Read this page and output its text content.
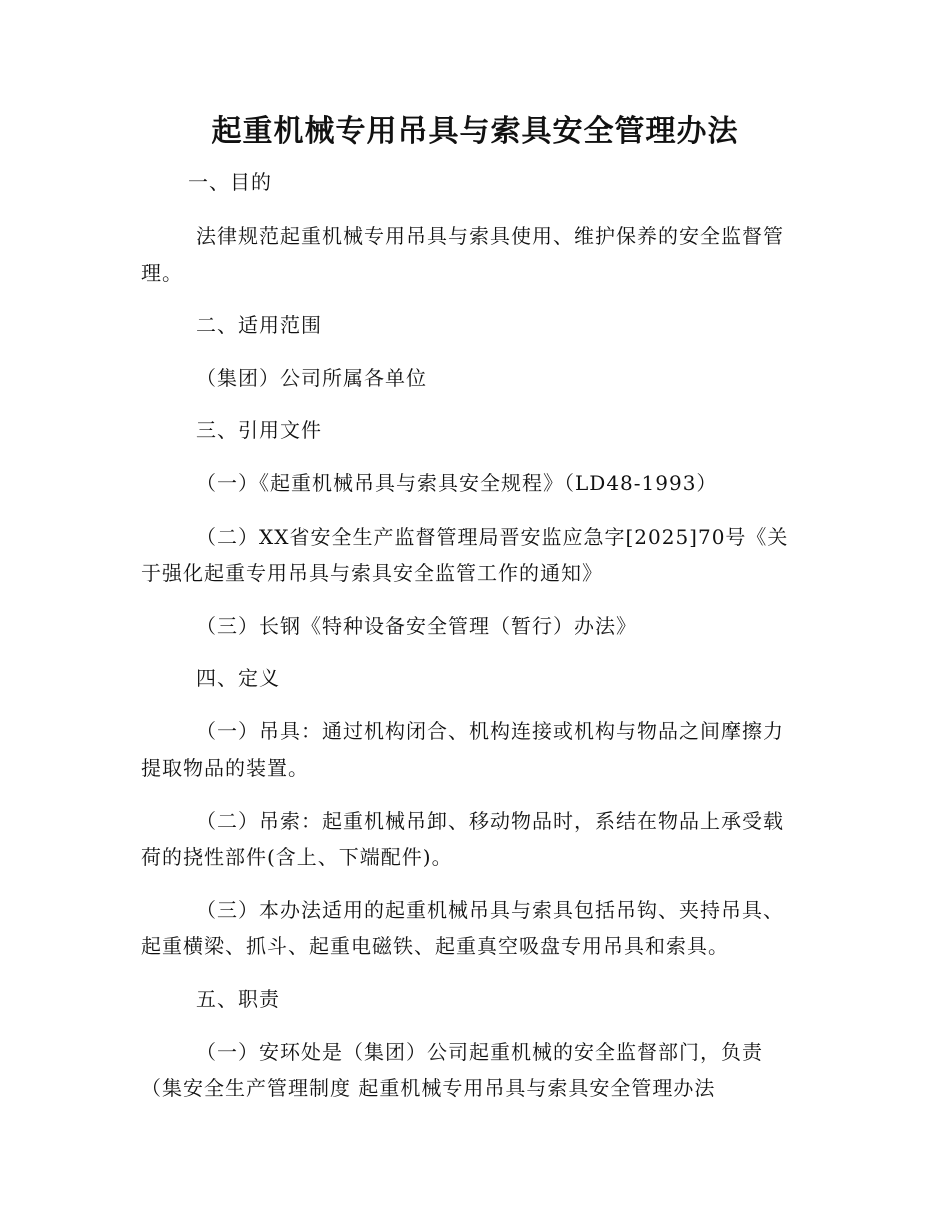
起重机械专用吊具与索具安全管理办法
一、目的
法律规范起重机械专用吊具与索具使用、维护保养的安全监督管
理。
二、适用范围
（集团）公司所属各单位
三、引用文件
（一）《起重机械吊具与索具安全规程》（LD48-1993）
（二）XX省安全生产监督管理局晋安监应急字[2025]70号《关
于强化起重专用吊具与索具安全监管工作的通知》
（三）长钢《特种设备安全管理（暂行）办法》
四、定义
（一）吊具：通过机构闭合、机构连接或机构与物品之间摩擦力
提取物品的装置。
（二）吊索：起重机械吊卸、移动物品时，系结在物品上承受载
荷的挠性部件(含上、下端配件)。
（三）本办法适用的起重机械吊具与索具包括吊钩、夹持吊具、
起重横梁、抓斗、起重电磁铁、起重真空吸盘专用吊具和索具。
五、职责
（一）安环处是（集团）公司起重机械的安全监督部门，负责
（集安全生产管理制度 起重机械专用吊具与索具安全管理办法
